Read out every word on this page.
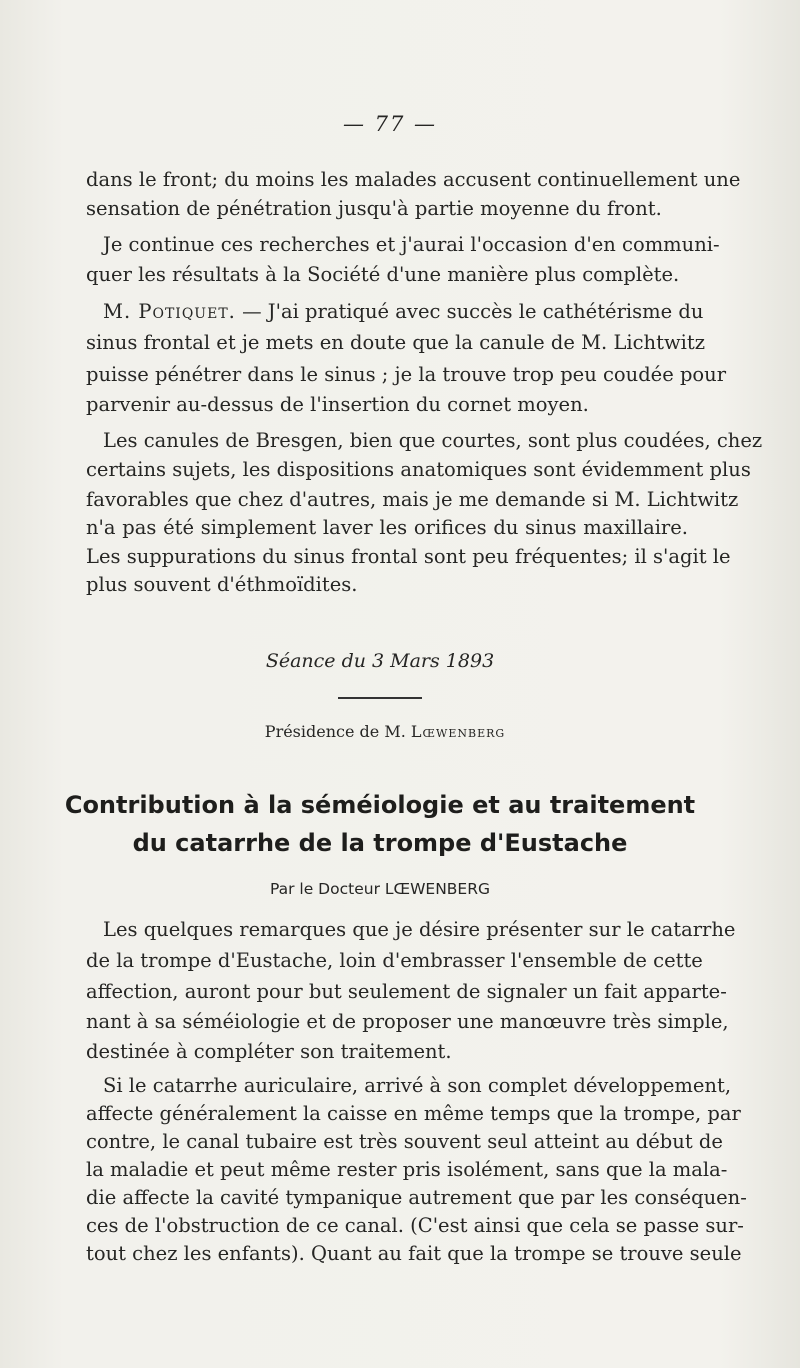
— 77 —
dans le front; du moins les malades accusent continuellement une
sensation de pénétration jusqu'à partie moyenne du front.
Je continue ces recherches et j'aurai l'occasion d'en communi-
quer les résultats à la Société d'une manière plus complète.
M. Potiquet. — J'ai pratiqué avec succès le cathétérisme du
sinus frontal et je mets en doute que la canule de M. Lichtwitz
puisse pénétrer dans le sinus ; je la trouve trop peu coudée pour
parvenir au-dessus de l'insertion du cornet moyen.
Les canules de Bresgen, bien que courtes, sont plus coudées, chez
certains sujets, les dispositions anatomiques sont évidemment plus
favorables que chez d'autres, mais je me demande si M. Lichtwitz
n'a pas été simplement laver les orifices du sinus maxillaire.
Les suppurations du sinus frontal sont peu fréquentes; il s'agit le
plus souvent d'éthmoïdites.
Séance du 3 Mars 1893
Présidence de M. Lœwenberg
Contribution à la séméiologie et au traitement
du catarrhe de la trompe d'Eustache
Par le Docteur LŒWENBERG
Les quelques remarques que je désire présenter sur le catarrhe
de la trompe d'Eustache, loin d'embrasser l'ensemble de cette
affection, auront pour but seulement de signaler un fait apparte-
nant à sa séméiologie et de proposer une manœuvre très simple,
destinée à compléter son traitement.
Si le catarrhe auriculaire, arrivé à son complet développement,
affecte généralement la caisse en même temps que la trompe, par
contre, le canal tubaire est très souvent seul atteint au début de
la maladie et peut même rester pris isolément, sans que la mala-
die affecte la cavité tympanique autrement que par les conséquen-
ces de l'obstruction de ce canal. (C'est ainsi que cela se passe sur-
tout chez les enfants). Quant au fait que la trompe se trouve seule
